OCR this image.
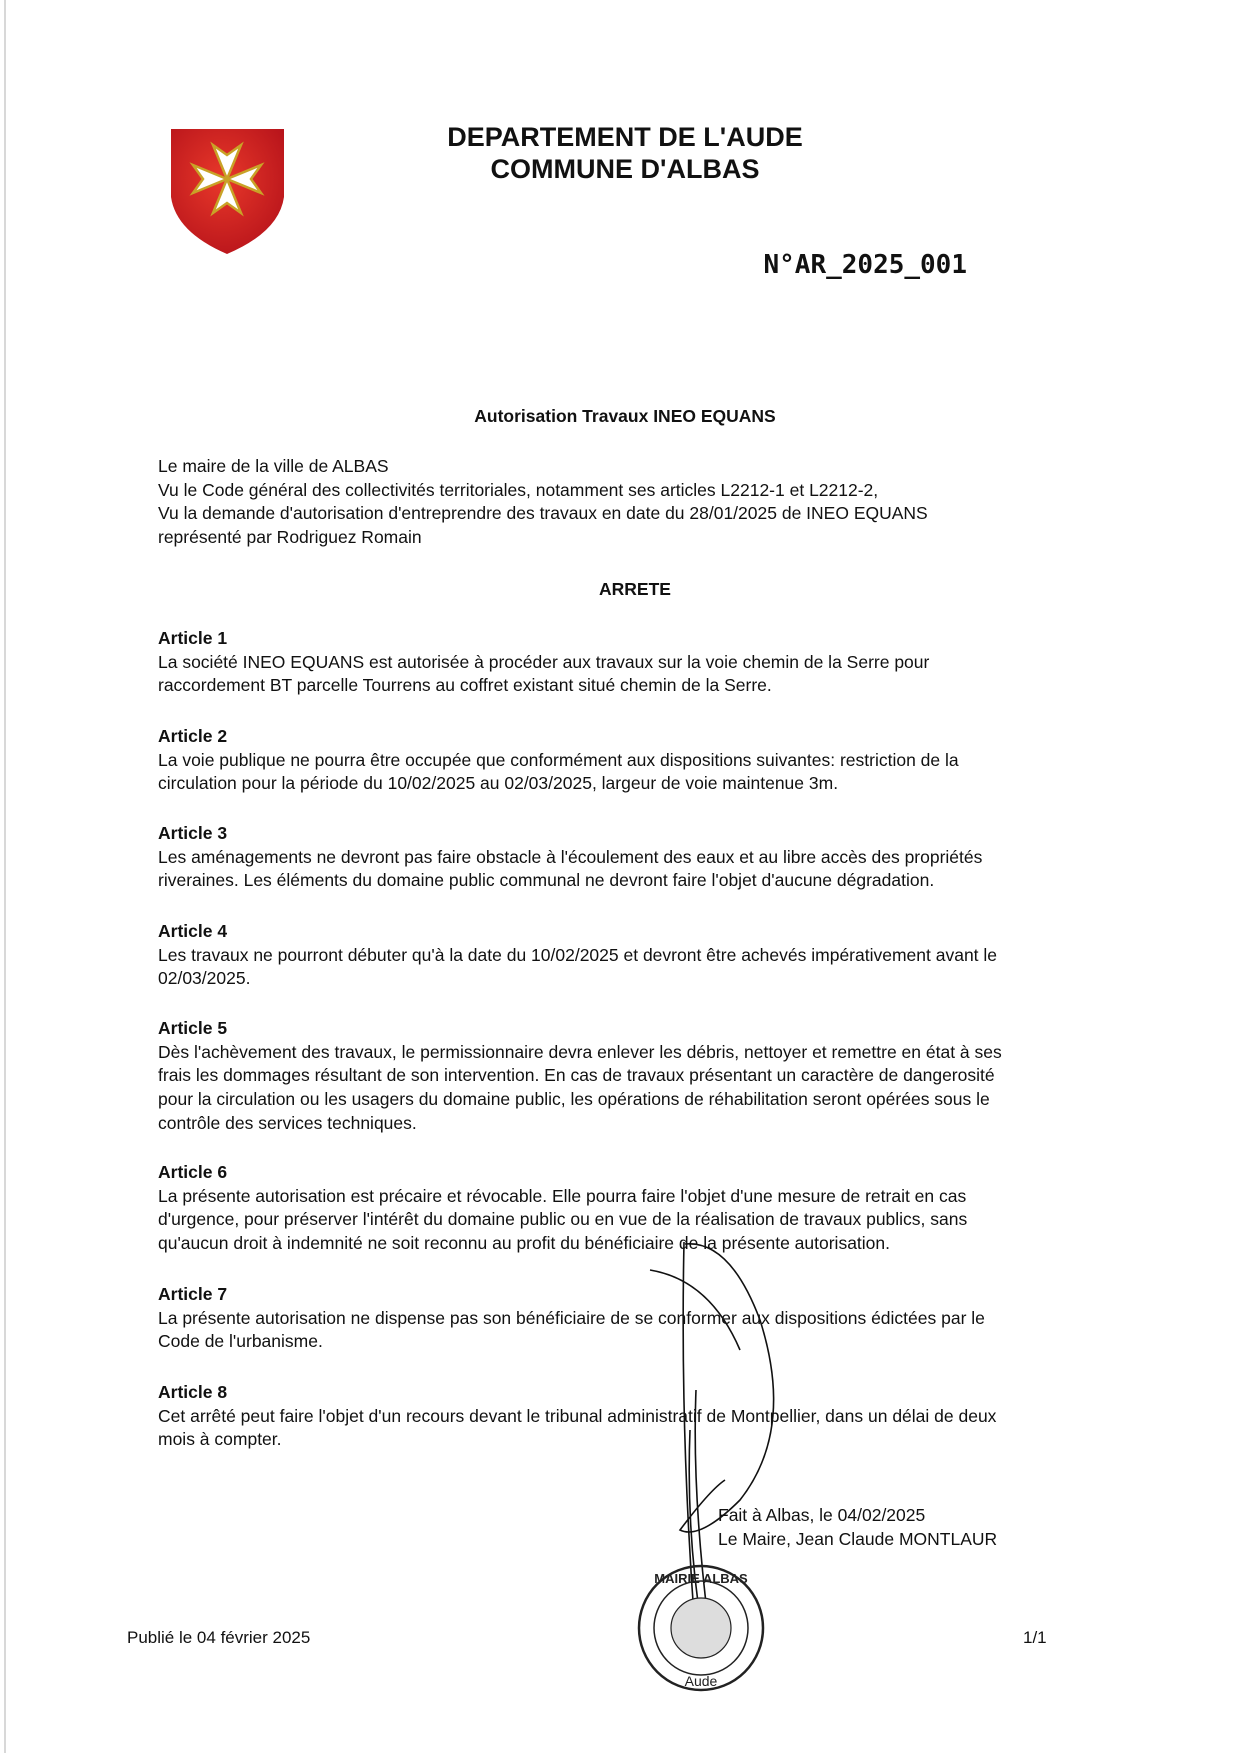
DEPARTEMENT DE L'AUDE
COMMUNE D'ALBAS
N°AR_2025_001
Autorisation Travaux INEO EQUANS
Le maire de la ville de ALBAS
Vu le Code général des collectivités territoriales, notamment ses articles L2212-1 et L2212-2,
Vu la demande d'autorisation d'entreprendre des travaux en date du 28/01/2025 de INEO EQUANS
représenté par Rodriguez Romain
ARRETE
Article 1
La société INEO EQUANS est autorisée à procéder aux travaux sur la voie chemin de la Serre pour
raccordement BT parcelle Tourrens au coffret existant situé chemin de la Serre.
Article 2
La voie publique ne pourra être occupée que conformément aux dispositions suivantes: restriction de la
circulation pour la période du 10/02/2025 au 02/03/2025, largeur de voie maintenue 3m.
Article 3
Les aménagements ne devront pas faire obstacle à l'écoulement des eaux et au libre accès des propriétés
riveraines. Les éléments du domaine public communal ne devront faire l'objet d'aucune dégradation.
Article 4
Les travaux ne pourront débuter qu'à la date du 10/02/2025 et devront être achevés impérativement avant le
02/03/2025.
Article 5
Dès l'achèvement des travaux, le permissionnaire devra enlever les débris, nettoyer et remettre en état à ses
frais les dommages résultant de son intervention. En cas de travaux présentant un caractère de dangerosité
pour la circulation ou les usagers du domaine public, les opérations de réhabilitation seront opérées sous le
contrôle des services techniques.
Article 6
La présente autorisation est précaire et révocable. Elle pourra faire l'objet d'une mesure de retrait en cas
d'urgence, pour préserver l'intérêt du domaine public ou en vue de la réalisation de travaux publics, sans
qu'aucun droit à indemnité ne soit reconnu au profit du bénéficiaire de la présente autorisation.
Article 7
La présente autorisation ne dispense pas son bénéficiaire de se conformer aux dispositions édictées par le
Code de l'urbanisme.
Article 8
Cet arrêté peut faire l'objet d'un recours devant le tribunal administratif de Montpellier, dans un délai de deux
mois à compter.
Fait à Albas, le 04/02/2025
Le Maire, Jean Claude MONTLAUR
Aude
MAIRIE ALBAS
Publié le 04 février 2025	1/1
